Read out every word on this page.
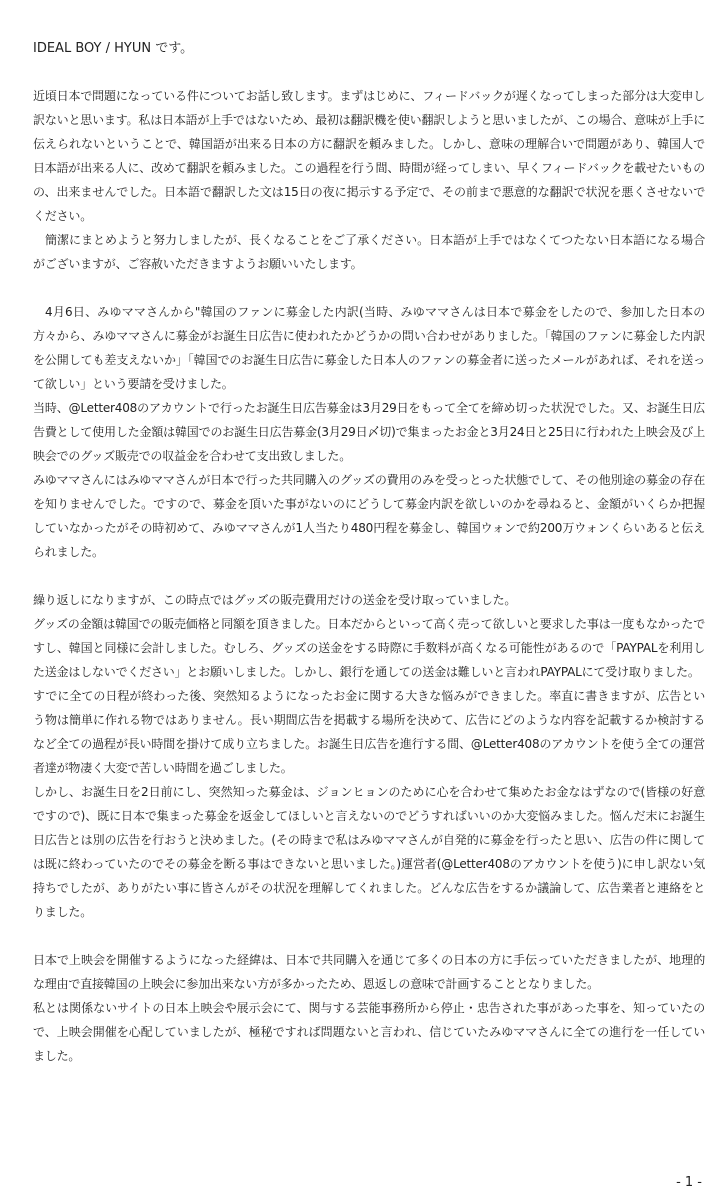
IDEAL BOY / HYUN です。

近頃日本で問題になっている件についてお話し致します。まずはじめに、フィードバックが遅くなってしまった部分は大変申し訳ないと思います。私は日本語が上手ではないため、最初は翻訳機を使い翻訳しようと思いましたが、この場合、意味が上手に伝えられないということで、韓国語が出来る日本の方に翻訳を頼みました。しかし、意味の理解合いで問題があり、韓国人で日本語が出来る人に、改めて翻訳を頼みました。この過程を行う間、時間が経ってしまい、早くフィードバックを載せたいものの、出来ませんでした。日本語で翻訳した文は15日の夜に掲示する予定で、その前まで悪意的な翻訳で状況を悪くさせないでください。

簡潔にまとめようと努力しましたが、長くなることをご了承ください。日本語が上手ではなくてつたない日本語になる場合がございますが、ご容赦いただきますようお願いいたします。

4月6日、みゆママさんから"韓国のファンに募金した内訳(当時、みゆママさんは日本で募金をしたので、参加した日本の方々から、みゆママさんに募金がお誕生日広告に使われたかどうかの問い合わせがありました。「韓国のファンに募金した内訳を公開しても差支えないか」「韓国でのお誕生日広告に募金した日本人のファンの募金者に送ったメールがあれば、それを送って欲しい」という要請を受けました。

当時、@Letter408のアカウントで行ったお誕生日広告募金は3月29日をもって全てを締め切った状況でした。又、お誕生日広告費として使用した金額は韓国でのお誕生日広告募金(3月29日〆切)で集まったお金と3月24日と25日に行われた上映会及び上映会でのグッズ販売での収益金を合わせて支出致しました。

みゆママさんにはみゆママさんが日本で行った共同購入のグッズの費用のみを受っとった状態でして、その他別途の募金の存在を知りませんでした。ですので、募金を頂いた事がないのにどうして募金内訳を欲しいのかを尋ねると、金額がいくらか把握していなかったがその時初めて、みゆママさんが1人当たり480円程を募金し、韓国ウォンで約200万ウォンくらいあると伝えられました。

繰り返しになりますが、この時点ではグッズの販売費用だけの送金を受け取っていました。

グッズの金額は韓国での販売価格と同額を頂きました。日本だからといって高く売って欲しいと要求した事は一度もなかったですし、韓国と同様に会計しました。むしろ、グッズの送金をする時際に手数料が高くなる可能性があるので「PAYPALを利用した送金はしないでください」とお願いしました。しかし、銀行を通しての送金は難しいと言われPAYPALにて受け取りました。

すでに全ての日程が終わった後、突然知るようになったお金に関する大きな悩みができました。率直に書きますが、広告という物は簡単に作れる物ではありません。長い期間広告を掲載する場所を決めて、広告にどのような内容を記載するか検討するなど全ての過程が長い時間を掛けて成り立ちました。お誕生日広告を進行する間、@Letter408のアカウントを使う全ての運営者達が物凄く大変で苦しい時間を過ごしました。

しかし、お誕生日を2日前にし、突然知った募金は、ジョンヒョンのために心を合わせて集めたお金なはずなので(皆様の好意ですので)、既に日本で集まった募金を返金してほしいと言えないのでどうすればいいのか大変悩みました。悩んだ末にお誕生日広告とは別の広告を行おうと決めました。(その時まで私はみゆママさんが自発的に募金を行ったと思い、広告の件に関しては既に終わっていたのでその募金を断る事はできないと思いました。)運営者(@Letter408のアカウントを使う)に申し訳ない気持ちでしたが、ありがたい事に皆さんがその状況を理解してくれました。どんな広告をするか議論して、広告業者と連絡をとりました。

日本で上映会を開催するようになった経緯は、日本で共同購入を通じて多くの日本の方に手伝っていただきましたが、地理的な理由で直接韓国の上映会に参加出来ない方が多かったため、恩返しの意味で計画することとなりました。

私とは関係ないサイトの日本上映会や展示会にて、関与する芸能事務所から停止・忠告された事があった事を、知っていたので、上映会開催を心配していましたが、極秘ですれば問題ないと言われ、信じていたみゆママさんに全ての進行を一任していました。

- 1 -
